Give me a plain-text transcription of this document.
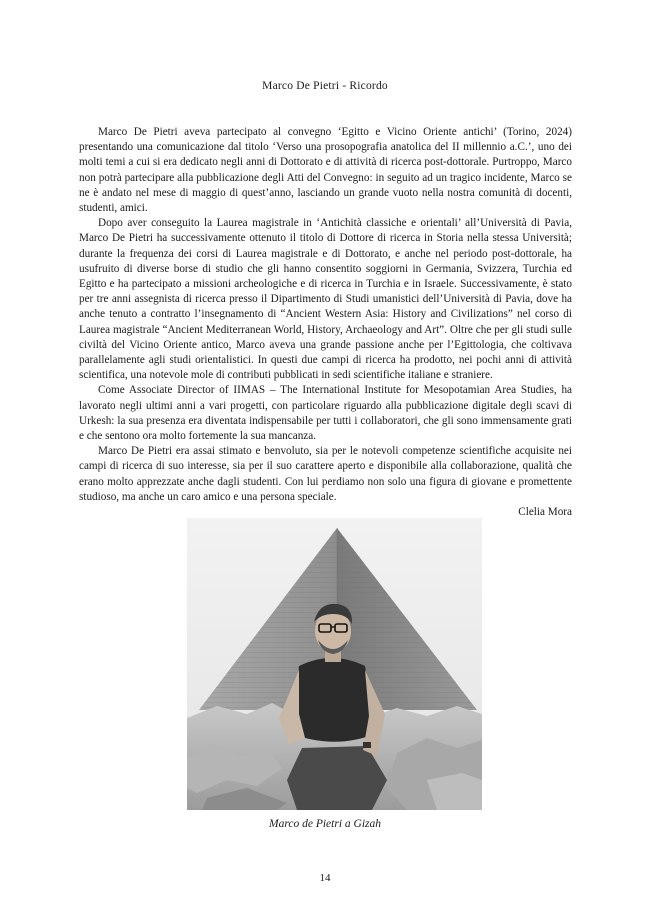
Marco De Pietri - Ricordo

Marco De Pietri aveva partecipato al convegno ‘Egitto e Vicino Oriente antichi’ (Torino, 2024) presentando una comunicazione dal titolo ‘Verso una prosopografia anatolica del II millennio a.C.’, uno dei molti temi a cui si era dedicato negli anni di Dottorato e di attività di ricerca post-dottorale. Purtroppo, Marco non potrà partecipare alla pubblicazione degli Atti del Convegno: in seguito ad un tragico incidente, Marco se ne è andato nel mese di maggio di quest’anno, lasciando un grande vuoto nella nostra comunità di docenti, studenti, amici.

Dopo aver conseguito la Laurea magistrale in ‘Antichità classiche e orientali’ all’Università di Pavia, Marco De Pietri ha successivamente ottenuto il titolo di Dottore di ricerca in Storia nella stessa Università; durante la frequenza dei corsi di Laurea magistrale e di Dottorato, e anche nel periodo post-dottorale, ha usufruito di diverse borse di studio che gli hanno consentito soggiorni in Germania, Svizzera, Turchia ed Egitto e ha partecipato a missioni archeologiche e di ricerca in Turchia e in Israele. Successivamente, è stato per tre anni assegnista di ricerca presso il Dipartimento di Studi umanistici dell’Università di Pavia, dove ha anche tenuto a contratto l’insegnamento di “Ancient Western Asia: History and Civilizations” nel corso di Laurea magistrale “Ancient Mediterranean World, History, Archaeology and Art”. Oltre che per gli studi sulle civiltà del Vicino Oriente antico, Marco aveva una grande passione anche per l’Egittologia, che coltivava parallelamente agli studi orientalistici. In questi due campi di ricerca ha prodotto, nei pochi anni di attività scientifica, una notevole mole di contributi pubblicati in sedi scientifiche italiane e straniere.

Come Associate Director of IIMAS – The International Institute for Mesopotamian Area Studies, ha lavorato negli ultimi anni a vari progetti, con particolare riguardo alla pubblicazione digitale degli scavi di Urkesh: la sua presenza era diventata indispensabile per tutti i collaboratori, che gli sono immensamente grati e che sentono ora molto fortemente la sua mancanza.

Marco De Pietri era assai stimato e benvoluto, sia per le notevoli competenze scientifiche acquisite nei campi di ricerca di suo interesse, sia per il suo carattere aperto e disponibile alla collaborazione, qualità che erano molto apprezzate anche dagli studenti. Con lui perdiamo non solo una figura di giovane e promettente studioso, ma anche un caro amico e una persona speciale.

Clelia Mora
Marco de Pietri a Gizah
14
